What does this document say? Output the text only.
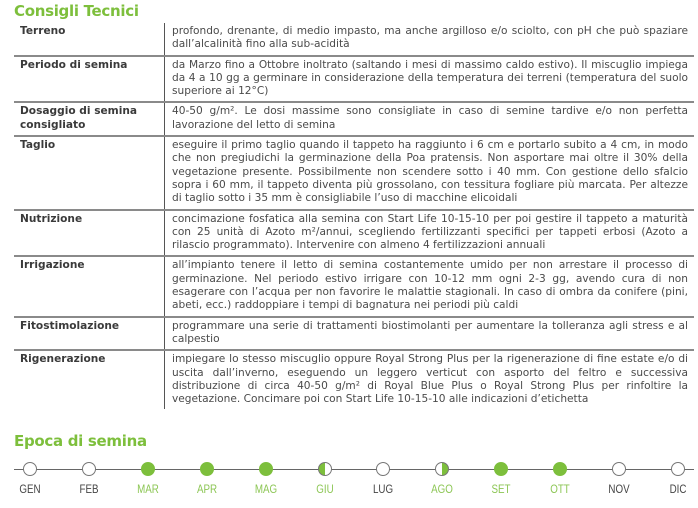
Consigli Tecnici
Terreno	profondo, drenante, di medio impasto, ma anche argilloso e/o sciolto, con pH che può spaziare dall’alcalinità fino alla sub-acidità
Periodo di semina	da Marzo fino a Ottobre inoltrato (saltando i mesi di massimo caldo estivo). Il miscuglio impiega da 4 a 10 gg a germinare in considerazione della temperatura dei terreni (temperatura del suolo superiore ai 12°C)
Dosaggio di semina consigliato	40-50 g/m². Le dosi massime sono consigliate in caso di semine tardive e/o non perfetta lavorazione del letto di semina
Taglio	eseguire il primo taglio quando il tappeto ha raggiunto i 6 cm e portarlo subito a 4 cm, in modo che non pregiudichi la germinazione della Poa pratensis. Non asportare mai oltre il 30% della vegetazione presente. Possibilmente non scendere sotto i 40 mm. Con gestione dello sfalcio sopra i 60 mm, il tappeto diventa più grossolano, con tessitura fogliare più marcata. Per altezze di taglio sotto i 35 mm è consigliabile l’uso di macchine elicoidali
Nutrizione	concimazione fosfatica alla semina con Start Life 10-15-10 per poi gestire il tappeto a maturità con 25 unità di Azoto m²/annui, scegliendo fertilizzanti specifici per tappeti erbosi (Azoto a rilascio programmato). Intervenire con almeno 4 fertilizzazioni annuali
Irrigazione	all’impianto tenere il letto di semina costantemente umido per non arrestare il processo di germinazione. Nel periodo estivo irrigare con 10-12 mm ogni 2-3 gg, avendo cura di non esagerare con l’acqua per non favorire le malattie stagionali. In caso di ombra da conifere (pini, abeti, ecc.) raddoppiare i tempi di bagnatura nei periodi più caldi
Fitostimolazione	programmare una serie di trattamenti biostimolanti per aumentare la tolleranza agli stress e al calpestio
Rigenerazione	impiegare lo stesso miscuglio oppure Royal Strong Plus per la rigenerazione di fine estate e/o di uscita dall’inverno, eseguendo un leggero verticut con asporto del feltro e successiva distribuzione di circa 40-50 g/m² di Royal Blue Plus o Royal Strong Plus per rinfoltire la vegetazione. Concimare poi con Start Life 10-15-10 alle indicazioni d’etichetta
Epoca di semina
GEN	FEB	MAR	APR	MAG	GIU	LUG	AGO	SET	OTT	NOV	DIC
